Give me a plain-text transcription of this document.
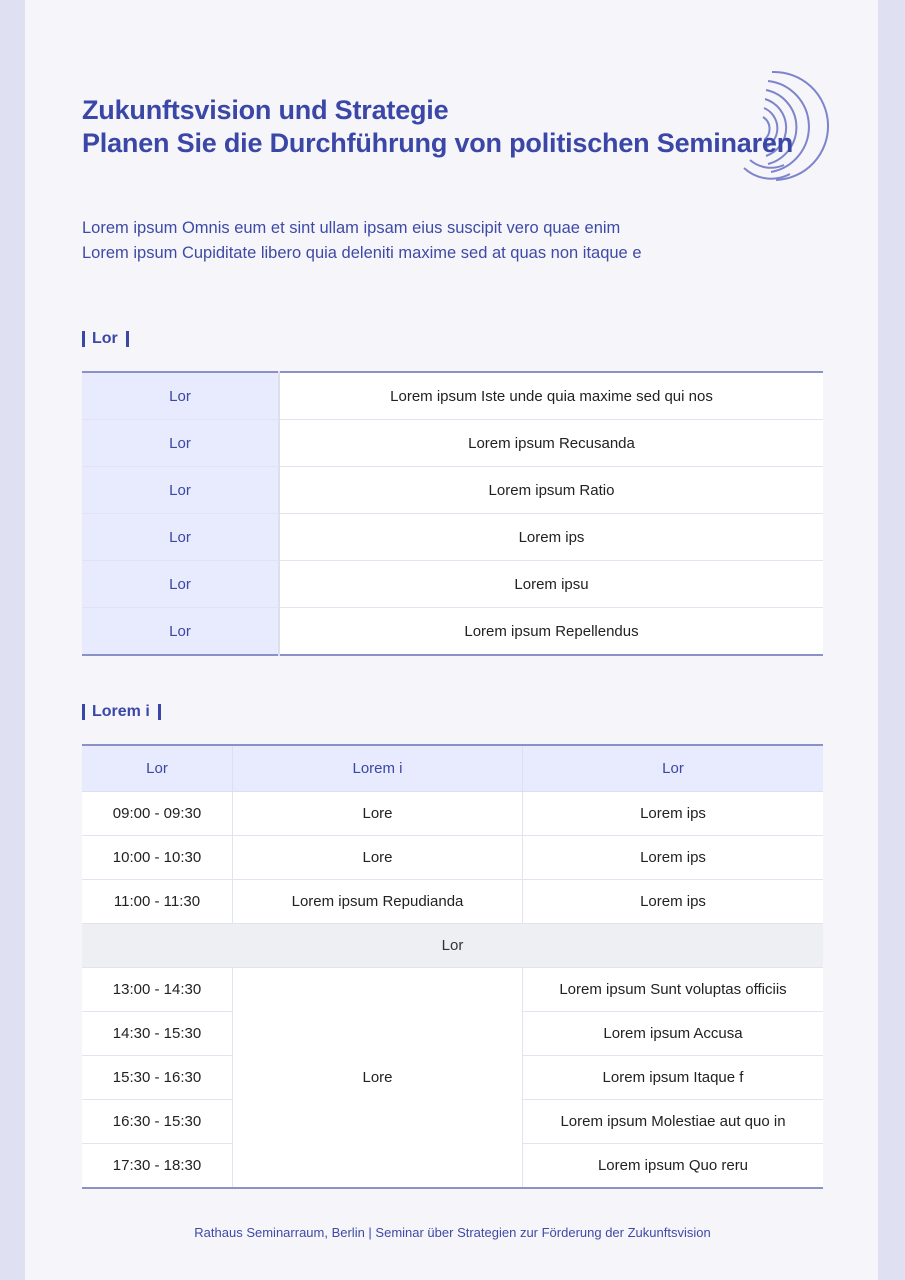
Zukunftsvision und Strategie
Planen Sie die Durchführung von politischen Seminaren

Lorem ipsum Omnis eum et sint ullam ipsam eius suscipit vero quae enim
Lorem ipsum Cupiditate libero quia deleniti maxime sed at quas non itaque e

Lor
Lor	Lorem ipsum Iste unde quia maxime sed qui nos
Lor	Lorem ipsum Recusanda
Lor	Lorem ipsum Ratio
Lor	Lorem ips
Lor	Lorem ipsu
Lor	Lorem ipsum Repellendus
Lorem i
Lor	Lorem i	Lor
09:00 - 09:30	Lore	Lorem ips
10:00 - 10:30	Lore	Lorem ips
11:00 - 11:30	Lorem ipsum Repudianda	Lorem ips
Lor		
13:00 - 14:30	Lore	Lorem ipsum Sunt voluptas officiis
14:30 - 15:30		Lorem ipsum Accusa
15:30 - 16:30		Lorem ipsum Itaque f
16:30 - 15:30		Lorem ipsum Molestiae aut quo in
17:30 - 18:30		Lorem ipsum Quo reru
Rathaus Seminarraum, Berlin | Seminar über Strategien zur Förderung der Zukunftsvision
